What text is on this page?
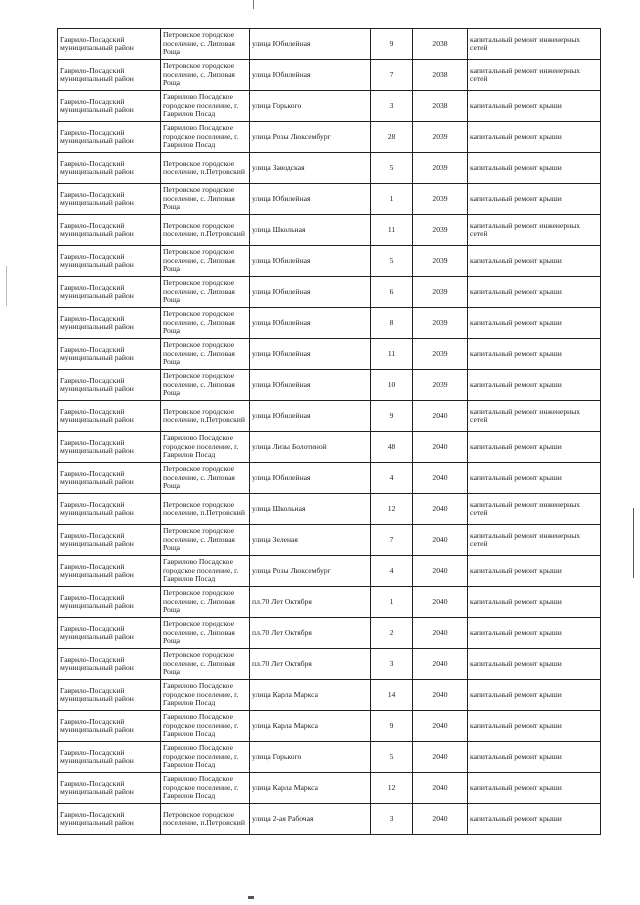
Гаврило-Посадский муниципальный район	Петровское городское поселение, с. Липовая Роща	улица Юбилейная	9	2038	капитальный ремонт инженерных сетей
Гаврило-Посадский муниципальный район	Петровское городское поселение, с. Липовая Роща	улица Юбилейная	7	2038	капитальный ремонт инженерных сетей
Гаврило-Посадский муниципальный район	Гаврилово Посадское городское поселение, г. Гаврилов Посад	улица Горького	3	2038	капитальный ремонт крыши
Гаврило-Посадский муниципальный район	Гаврилово Посадское городское поселение, г. Гаврилов Посад	улица Розы Люксембург	28	2039	капитальный ремонт крыши
Гаврило-Посадский муниципальный район	Петровское городское поселение, п.Петровский	улица Заводская	5	2039	капитальный ремонт крыши
Гаврило-Посадский муниципальный район	Петровское городское поселение, с. Липовая Роща	улица Юбилейная	1	2039	капитальный ремонт крыши
Гаврило-Посадский муниципальный район	Петровское городское поселение, п.Петровский	улица Школьная	11	2039	капитальный ремонт инженерных сетей
Гаврило-Посадский муниципальный район	Петровское городское поселение, с. Липовая Роща	улица Юбилейная	5	2039	капитальный ремонт крыши
Гаврило-Посадский муниципальный район	Петровское городское поселение, с. Липовая Роща	улица Юбилейная	6	2039	капитальный ремонт крыши
Гаврило-Посадский муниципальный район	Петровское городское поселение, с. Липовая Роща	улица Юбилейная	8	2039	капитальный ремонт крыши
Гаврило-Посадский муниципальный район	Петровское городское поселение, с. Липовая Роща	улица Юбилейная	11	2039	капитальный ремонт крыши
Гаврило-Посадский муниципальный район	Петровское городское поселение, с. Липовая Роща	улица Юбилейная	10	2039	капитальный ремонт крыши
Гаврило-Посадский муниципальный район	Петровское городское поселение, п.Петровский	улица Юбилейная	9	2040	капитальный ремонт инженерных сетей
Гаврило-Посадский муниципальный район	Гаврилово Посадское городское поселение, г. Гаврилов Посад	улица Лизы Болотиной	48	2040	капитальный ремонт крыши
Гаврило-Посадский муниципальный район	Петровское городское поселение, с. Липовая Роща	улица Юбилейная	4	2040	капитальный ремонт крыши
Гаврило-Посадский муниципальный район	Петровское городское поселение, п.Петровский	улица Школьная	12	2040	капитальный ремонт инженерных сетей
Гаврило-Посадский муниципальный район	Петровское городское поселение, с. Липовая Роща	улица Зеленая	7	2040	капитальный ремонт инженерных сетей
Гаврило-Посадский муниципальный район	Гаврилово Посадское городское поселение, г. Гаврилов Посад	улица Розы Люксембург	4	2040	капитальный ремонт крыши
Гаврило-Посадский муниципальный район	Петровское городское поселение, с. Липовая Роща	пл.70 Лет Октября	1	2040	капитальный ремонт крыши
Гаврило-Посадский муниципальный район	Петровское городское поселение, с. Липовая Роща	пл.70 Лет Октября	2	2040	капитальный ремонт крыши
Гаврило-Посадский муниципальный район	Петровское городское поселение, с. Липовая Роща	пл.70 Лет Октября	3	2040	капитальный ремонт крыши
Гаврило-Посадский муниципальный район	Гаврилово Посадское городское поселение, г. Гаврилов Посад	улица Карла Маркса	14	2040	капитальный ремонт крыши
Гаврило-Посадский муниципальный район	Гаврилово Посадское городское поселение, г. Гаврилов Посад	улица Карла Маркса	9	2040	капитальный ремонт крыши
Гаврило-Посадский муниципальный район	Гаврилово Посадское городское поселение, г. Гаврилов Посад	улица Горького	5	2040	капитальный ремонт крыши
Гаврило-Посадский муниципальный район	Гаврилово Посадское городское поселение, г. Гаврилов Посад	улица Карла Маркса	12	2040	капитальный ремонт крыши
Гаврило-Посадский муниципальный район	Петровское городское поселение, п.Петровский	улица 2-ая Рабочая	3	2040	капитальный ремонт крыши
